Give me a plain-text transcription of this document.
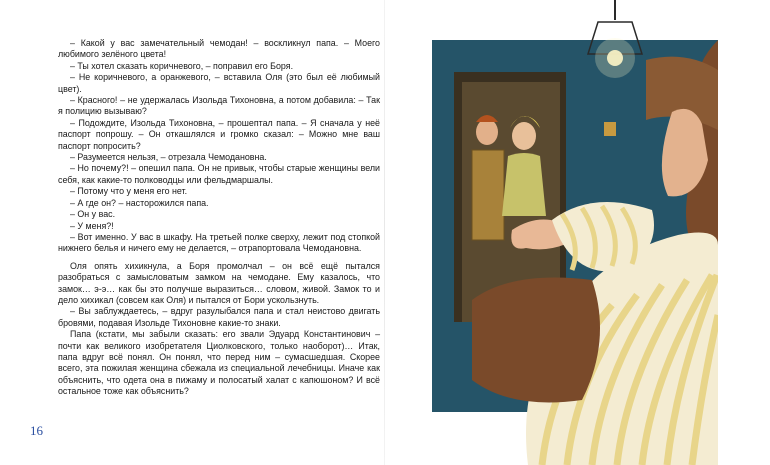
– Какой у вас замечательный чемодан! – воскликнул папа. – Моего любимого зелёного цвета!

– Ты хотел сказать коричневого, – поправил его Боря.

– Не коричневого, а оранжевого, – вставила Оля (это был её любимый цвет).

– Красного! – не удержалась Изольда Тихоновна, а потом добавила: – Так я полицию вызываю?

– Подождите, Изольда Тихоновна, – прошептал папа. – Я сначала у неё паспорт попрошу. – Он откашлялся и громко сказал: – Можно мне ваш паспорт попросить?

– Разумеется нельзя, – отрезала Чемодановна.

– Но почему?! – опешил папа. Он не привык, чтобы старые женщины вели себя, как какие-то полководцы или фельдмаршалы.

– Потому что у меня его нет.

– А где он? – насторожился папа.

– Он у вас.

– У меня?!

– Вот именно. У вас в шкафу. На третьей полке сверху, лежит под стопкой нижнего белья и ничего ему не делается, – отрапортовала Чемодановна.

Оля опять хихикнула, а Боря промолчал – он всё ещё пытался разобраться с замысловатым замком на чемодане. Ему казалось, что замок… э-э… как бы это получше выразиться… словом, живой. Замок то и дело хихикал (совсем как Оля) и пытался от Бори ускользнуть.

– Вы заблуждаетесь, – вдруг разулыбался папа и стал неистово двигать бровями, подавая Изольде Тихоновне какие-то знаки.

Папа (кстати, мы забыли сказать: его звали Эдуард Константинович – почти как великого изобретателя Циолковского, только наоборот)… Итак, папа вдруг всё понял. Он понял, что перед ним – сумасшедшая. Скорее всего, эта пожилая женщина сбежала из специальной лечебницы. Иначе как объяснить, что одета она в пижаму и полосатый халат с капюшоном? И всё остальное тоже как объяснить?

16
